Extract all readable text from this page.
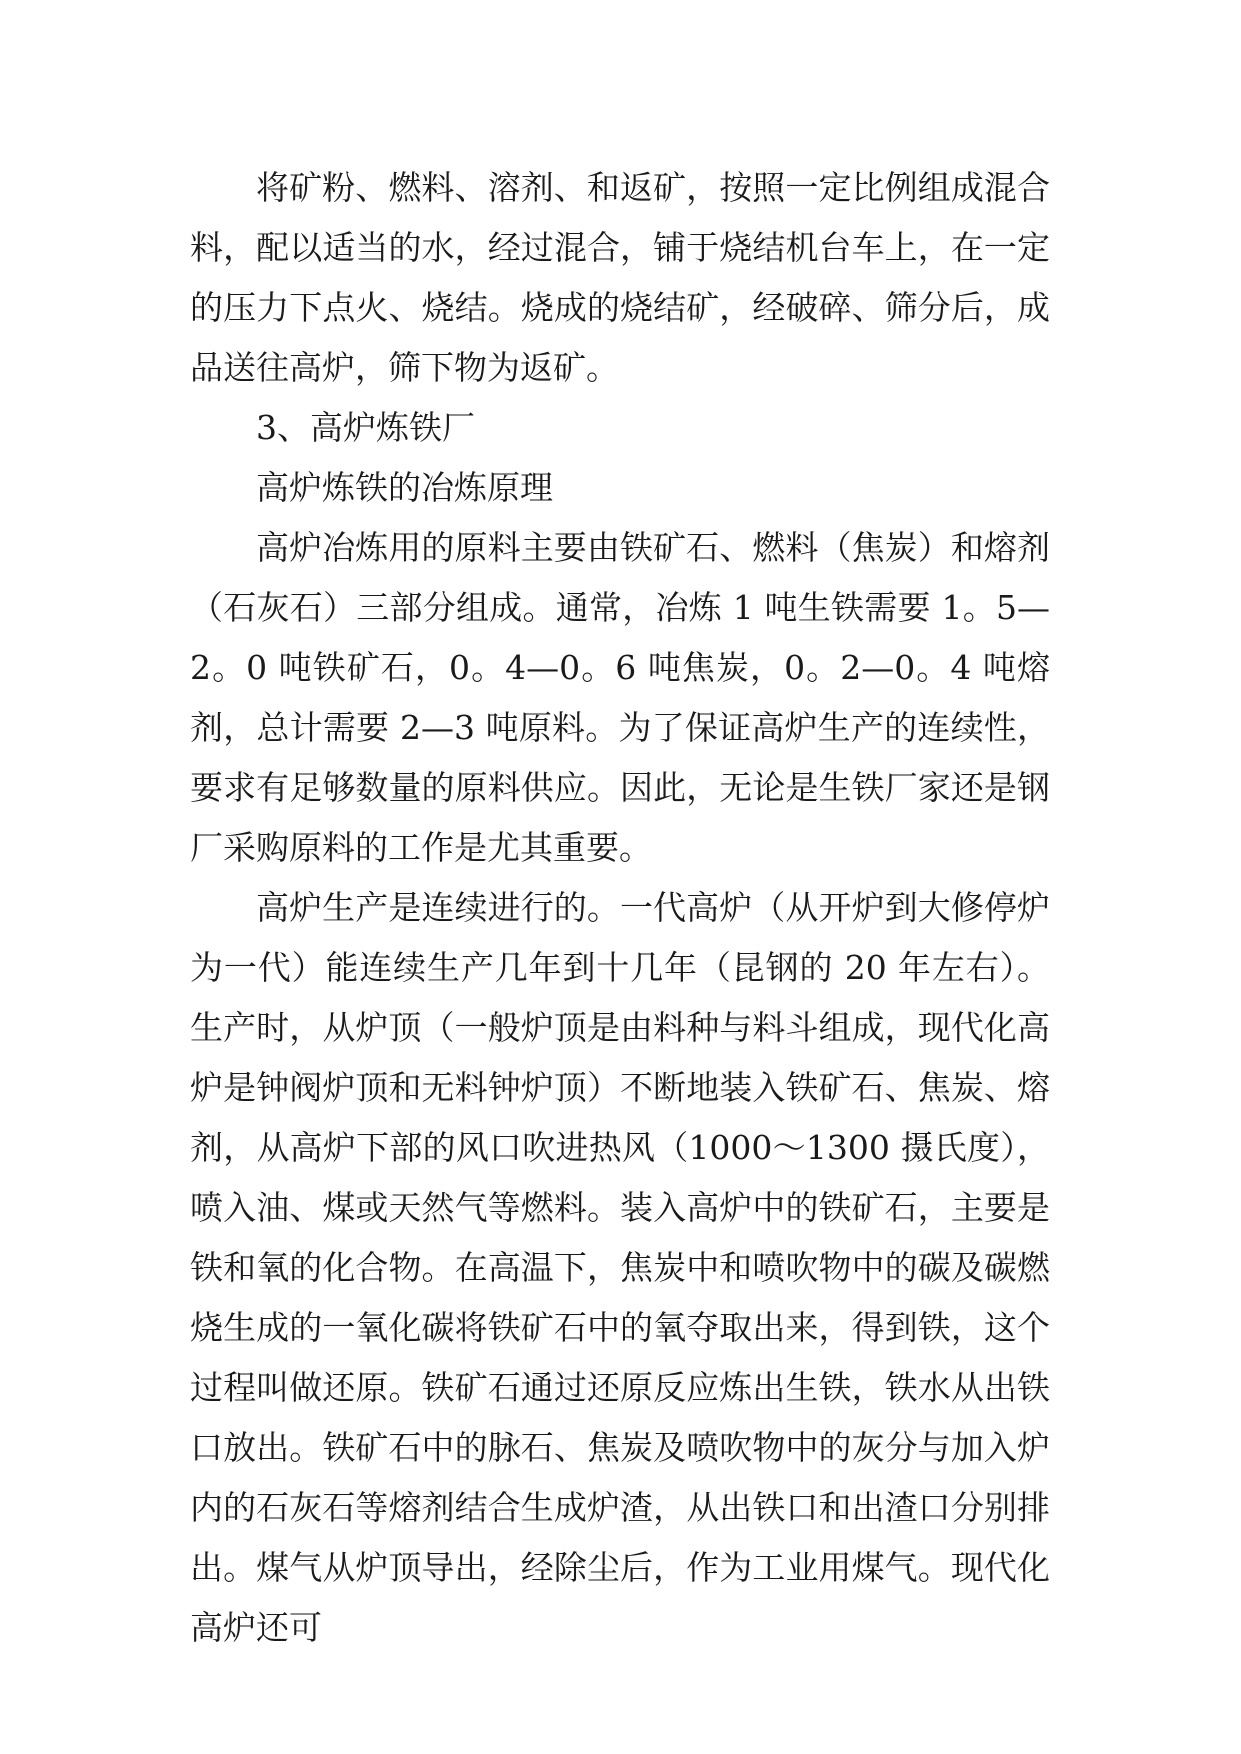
将矿粉、燃料、溶剂、和返矿，按照一定比例组成混合料，配以适当的水，经过混合，铺于烧结机台车上，在一定的压力下点火、烧结。烧成的烧结矿，经破碎、筛分后，成品送往高炉，筛下物为返矿。

3、高炉炼铁厂

高炉炼铁的冶炼原理

高炉冶炼用的原料主要由铁矿石、燃料（焦炭）和熔剂（石灰石）三部分组成。通常，冶炼 1 吨生铁需要 1。5—2。0 吨铁矿石，0。4—0。6 吨焦炭，0。2—0。4 吨熔剂，总计需要 2—3 吨原料。为了保证高炉生产的连续性，要求有足够数量的原料供应。因此，无论是生铁厂家还是钢厂采购原料的工作是尤其重要。

高炉生产是连续进行的。一代高炉（从开炉到大修停炉为一代）能连续生产几年到十几年（昆钢的 20 年左右）。生产时，从炉顶（一般炉顶是由料种与料斗组成，现代化高炉是钟阀炉顶和无料钟炉顶）不断地装入铁矿石、焦炭、熔剂，从高炉下部的风口吹进热风（1000～1300 摄氏度），喷入油、煤或天然气等燃料。装入高炉中的铁矿石，主要是铁和氧的化合物。在高温下，焦炭中和喷吹物中的碳及碳燃烧生成的一氧化碳将铁矿石中的氧夺取出来，得到铁，这个过程叫做还原。铁矿石通过还原反应炼出生铁，铁水从出铁口放出。铁矿石中的脉石、焦炭及喷吹物中的灰分与加入炉内的石灰石等熔剂结合生成炉渣，从出铁口和出渣口分别排出。煤气从炉顶导出，经除尘后，作为工业用煤气。现代化高炉还可
